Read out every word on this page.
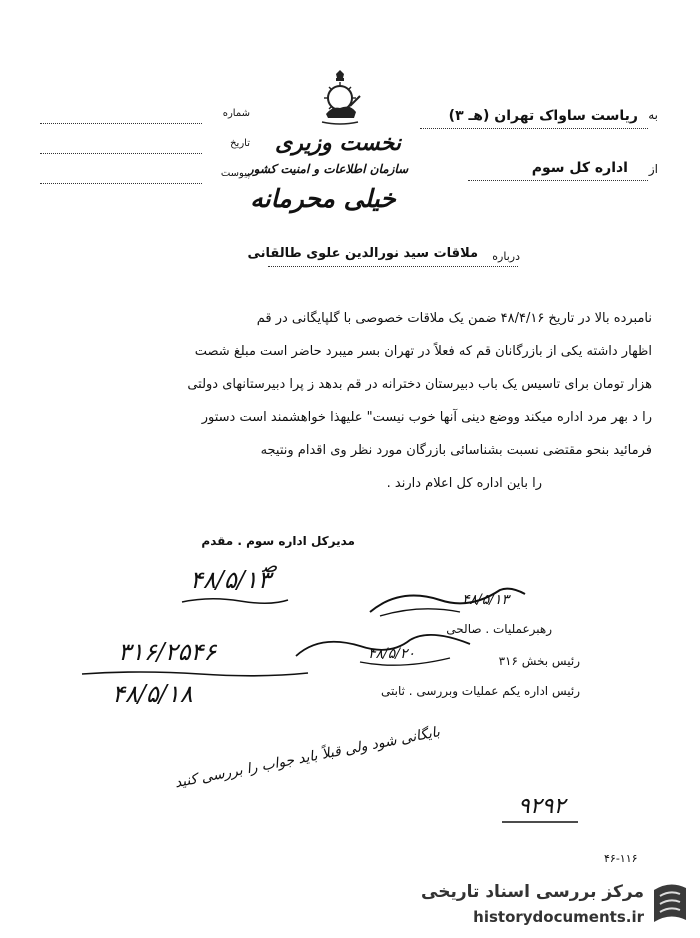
شماره
تاریخ
پیوست
نخست وزیری
سازمان اطلاعات و امنیت کشور
خیلی محرمانه
به
ریاست ساواک تهران (هـ ۳)
از
اداره کل سوم
درباره
ملاقات سید نورالدین علوی طالقانی
نامبرده بالا در تاریخ ۴۸/۴/۱۶ ضمن یک ملاقات خصوصی با گلپایگانی در قم
اظهار داشته یکی از بازرگانان قم که فعلاً در تهران بسر میبرد حاضر است مبلغ شصت
هزار تومان برای تاسیس یک باب دبیرستان دخترانه در قم بدهد ز پرا دبیرستانهای دولتی
را د بهر مرد اداره میکند ووضع دینی آنها خوب نیست" علیهذا خواهشمند است دستور
فرمائید بنحو مقتضی نسبت بشناسائی بازرگان مورد نظر وی اقدام ونتیجه
را باین اداره کل اعلام دارند .
مدیرکل اداره سوم . مقدم
ﺻ
۴۸/۵/۱۳
۴۸/۵/۱۳
رهبرعملیات . صالحی
۴۸/۵/۲۰	رئیس بخش ۳۱۶
۳۱۶/۲۵۴۶
۴۸/۵/۱۸	رئیس اداره یکم عملیات وبررسی . ثابتی
بایگانی شود ولی قبلاً باید جواب را بررسی کنید
۹۲۹۲
۴۶-۱۱۶
مرکز بررسی اسناد تاریخی
historydocuments.ir
